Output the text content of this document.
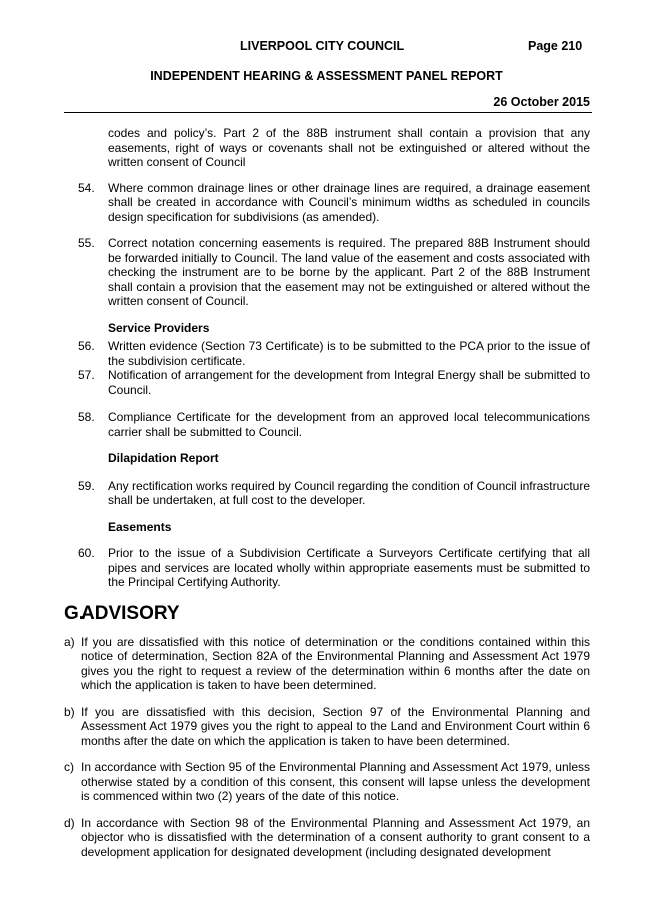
LIVERPOOL CITY COUNCIL	Page 210
INDEPENDENT HEARING & ASSESSMENT PANEL REPORT
26 October 2015
codes and policy’s. Part 2 of the 88B instrument shall contain a provision that any easements, right of ways or covenants shall not be extinguished or altered without the written consent of Council
54. Where common drainage lines or other drainage lines are required, a drainage easement shall be created in accordance with Council’s minimum widths as scheduled in councils design specification for subdivisions (as amended).
55. Correct notation concerning easements is required. The prepared 88B Instrument should be forwarded initially to Council. The land value of the easement and costs associated with checking the instrument are to be borne by the applicant. Part 2 of the 88B Instrument shall contain a provision that the easement may not be extinguished or altered without the written consent of Council.
Service Providers
56. Written evidence (Section 73 Certificate) is to be submitted to the PCA prior to the issue of the subdivision certificate.
57. Notification of arrangement for the development from Integral Energy shall be submitted to Council.
58. Compliance Certificate for the development from an approved local telecommunications carrier shall be submitted to Council.
Dilapidation Report
59. Any rectification works required by Council regarding the condition of Council infrastructure shall be undertaken, at full cost to the developer.
Easements
60. Prior to the issue of a Subdivision Certificate a Surveyors Certificate certifying that all pipes and services are located wholly within appropriate easements must be submitted to the Principal Certifying Authority.
G.
ADVISORY
a) If you are dissatisfied with this notice of determination or the conditions contained within this notice of determination, Section 82A of the Environmental Planning and Assessment Act 1979 gives you the right to request a review of the determination within 6 months after the date on which the application is taken to have been determined.
b) If you are dissatisfied with this decision, Section 97 of the Environmental Planning and Assessment Act 1979 gives you the right to appeal to the Land and Environment Court within 6 months after the date on which the application is taken to have been determined.
c) In accordance with Section 95 of the Environmental Planning and Assessment Act 1979, unless otherwise stated by a condition of this consent, this consent will lapse unless the development is commenced within two (2) years of the date of this notice.
d) In accordance with Section 98 of the Environmental Planning and Assessment Act 1979, an objector who is dissatisfied with the determination of a consent authority to grant consent to a development application for designated development (including designated development
